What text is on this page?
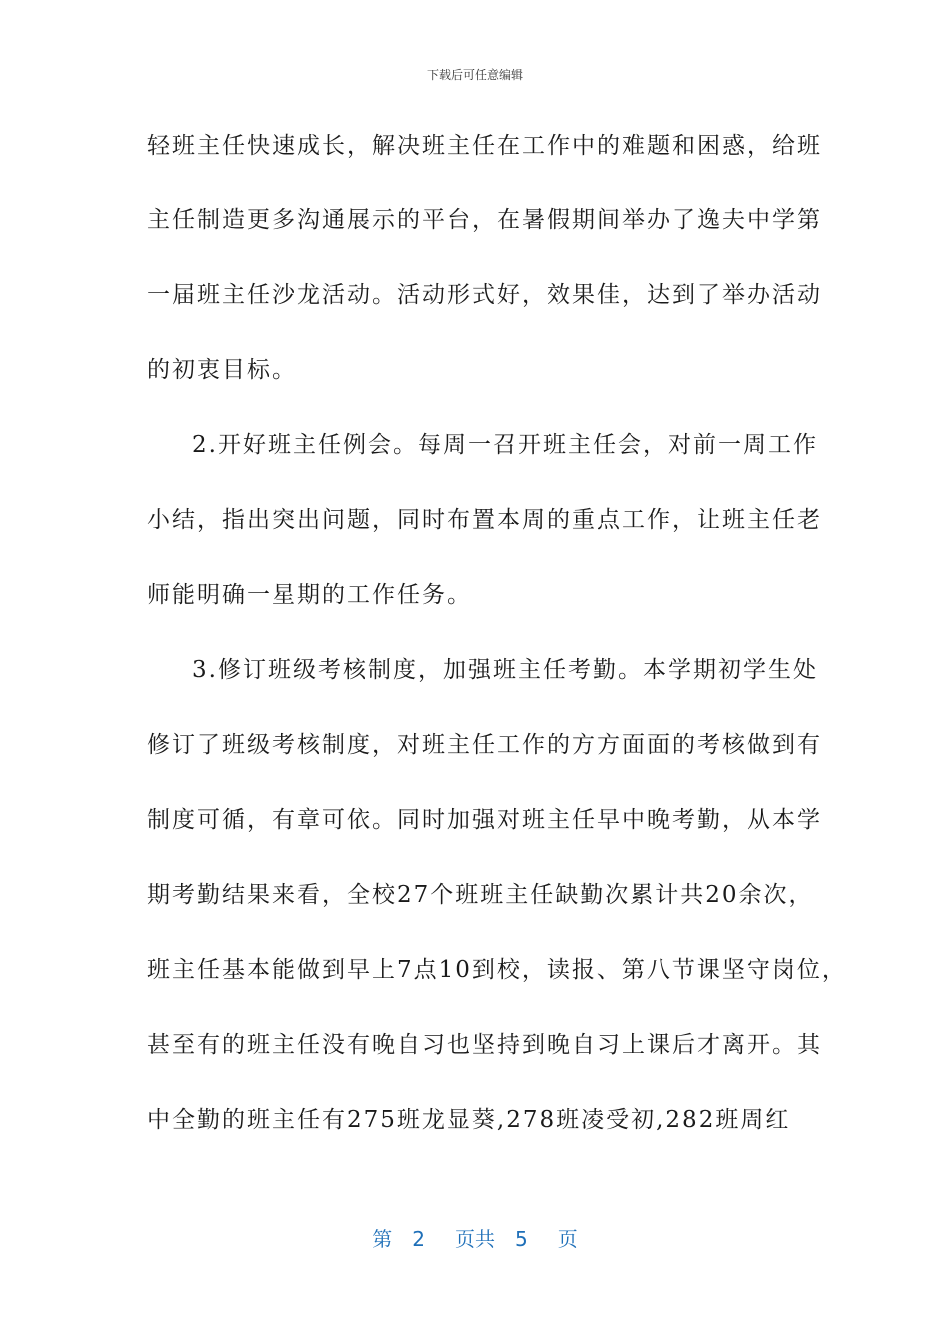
下载后可任意编辑
轻班主任快速成长，解决班主任在工作中的难题和困惑，给班
主任制造更多沟通展示的平台，在暑假期间举办了逸夫中学第
一届班主任沙龙活动。活动形式好，效果佳，达到了举办活动
的初衷目标。
2.开好班主任例会。每周一召开班主任会，对前一周工作
小结，指出突出问题，同时布置本周的重点工作，让班主任老
师能明确一星期的工作任务。
3.修订班级考核制度，加强班主任考勤。本学期初学生处
修订了班级考核制度，对班主任工作的方方面面的考核做到有
制度可循，有章可依。同时加强对班主任早中晚考勤，从本学
期考勤结果来看，全校27个班班主任缺勤次累计共20余次，
班主任基本能做到早上7点10到校，读报、第八节课坚守岗位，
甚至有的班主任没有晚自习也坚持到晚自习上课后才离开。其
中全勤的班主任有275班龙显葵,278班凌受初,282班周红
第 2 页共 5 页
